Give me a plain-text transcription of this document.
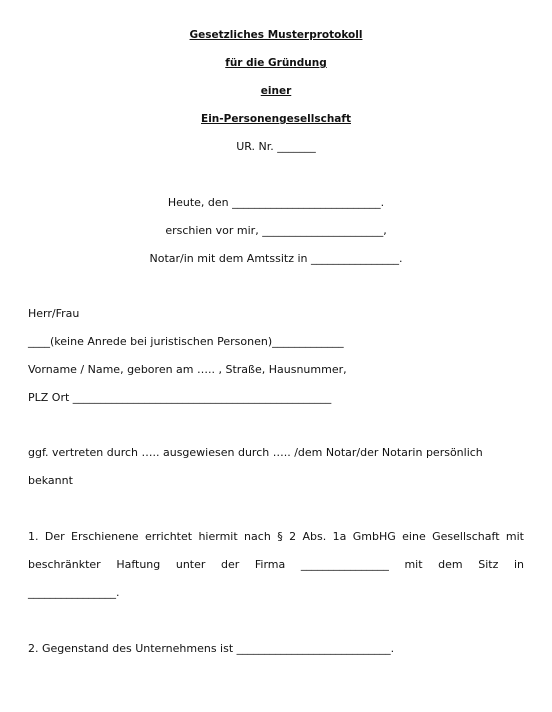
Gesetzliches Musterprotokoll
für die Gründung
einer
Ein-Personengesellschaft
UR. Nr. _______
Heute, den ___________________________.
erschien vor mir, ______________________,
Notar/in mit dem Amtssitz in ________________.
Herr/Frau
____(keine Anrede bei juristischen Personen)_____________
Vorname / Name, geboren am ….. , Straße, Hausnummer,
PLZ Ort _______________________________________________
ggf. vertreten durch ….. ausgewiesen durch ….. /dem Notar/der Notarin persönlich
bekannt
1. Der Erschienene errichtet hiermit nach § 2 Abs. 1a GmbHG eine Gesellschaft mit
beschränkter Haftung unter der Firma ________________ mit dem Sitz in
________________.
2. Gegenstand des Unternehmens ist ____________________________.
